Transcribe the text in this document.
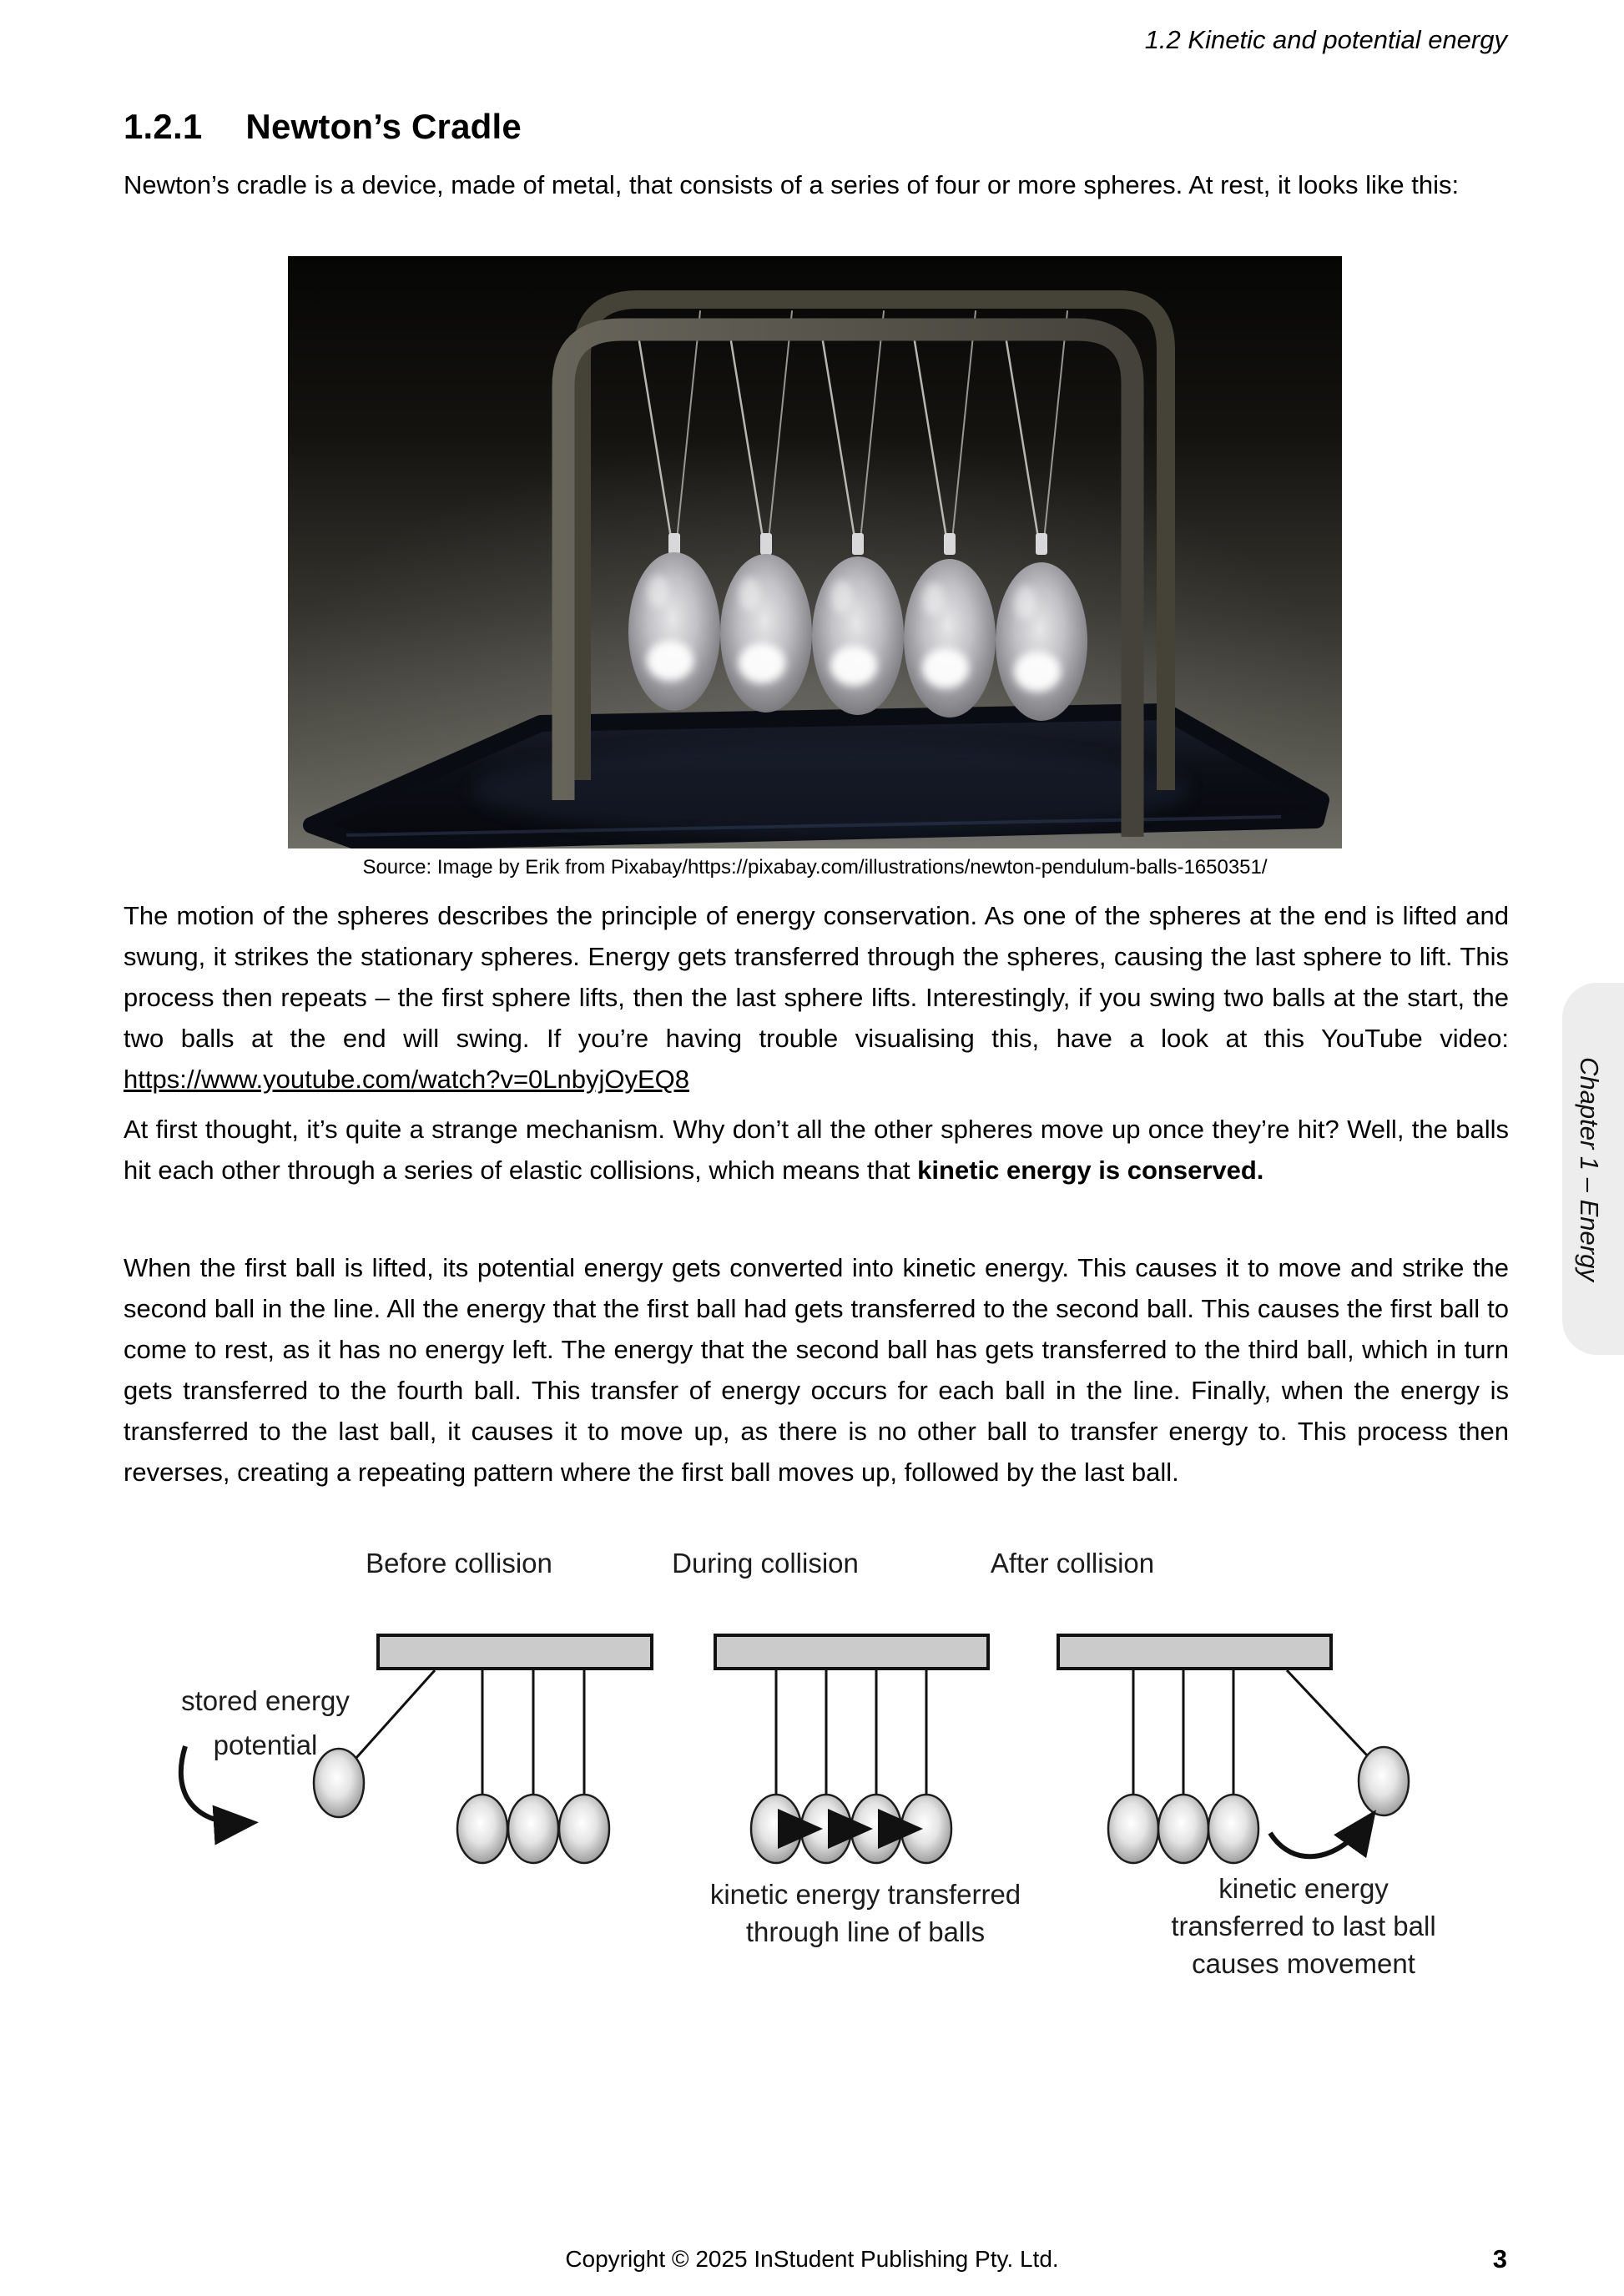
1.2 Kinetic and potential energy
1.2.1 Newton’s Cradle
Newton’s cradle is a device, made of metal, that consists of a series of four or more spheres. At rest, it looks like this:
Source: Image by Erik from Pixabay/https://pixabay.com/illustrations/newton-pendulum-balls-1650351/
The motion of the spheres describes the principle of energy conservation. As one of the spheres at the end is lifted and swung, it strikes the stationary spheres. Energy gets transferred through the spheres, causing the last sphere to lift. This process then repeats – the first sphere lifts, then the last sphere lifts. Interestingly, if you swing two balls at the start, the two balls at the end will swing. If you’re having trouble visualising this, have a look at this YouTube video: https://www.youtube.com/watch?v=0LnbyjOyEQ8
At first thought, it’s quite a strange mechanism. Why don’t all the other spheres move up once they’re hit? Well, the balls hit each other through a series of elastic collisions, which means that kinetic energy is conserved.
When the first ball is lifted, its potential energy gets converted into kinetic energy. This causes it to move and strike the second ball in the line. All the energy that the first ball had gets transferred to the second ball. This causes the first ball to come to rest, as it has no energy left. The energy that the second ball has gets transferred to the third ball, which in turn gets transferred to the fourth ball. This transfer of energy occurs for each ball in the line. Finally, when the energy is transferred to the last ball, it causes it to move up, as there is no other ball to transfer energy to. This process then reverses, creating a repeating pattern where the first ball moves up, followed by the last ball.
Before collision	During collision	After collision
stored energy
potential
kinetic energy transferred
through line of balls
kinetic energy
transferred to last ball
causes movement
Chapter 1 – Energy
Copyright © 2025 InStudent Publishing Pty. Ltd.	3
